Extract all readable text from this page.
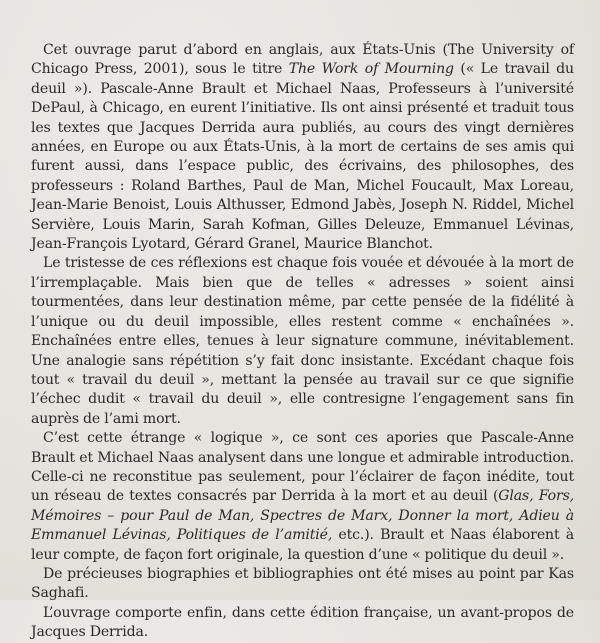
Cet ouvrage parut d’abord en anglais, aux États-Unis (The University of Chicago Press, 2001), sous le titre The Work of Mourning (« Le travail du deuil »). Pascale-Anne Brault et Michael Naas, Professeurs à l’université DePaul, à Chicago, en eurent l’initiative. Ils ont ainsi présenté et traduit tous les textes que Jacques Derrida aura publiés, au cours des vingt dernières années, en Europe ou aux États-Unis, à la mort de certains de ses amis qui furent aussi, dans l’espace public, des écrivains, des philosophes, des professeurs : Roland Barthes, Paul de Man, Michel Foucault, Max Loreau, Jean-Marie Benoist, Louis Althusser, Edmond Jabès, Joseph N. Riddel, Michel Servière, Louis Marin, Sarah Kofman, Gilles Deleuze, Emmanuel Lévinas, Jean-François Lyotard, Gérard Granel, Maurice Blanchot.

Le tristesse de ces réflexions est chaque fois vouée et dévouée à la mort de l’irremplaçable. Mais bien que de telles « adresses » soient ainsi tourmentées, dans leur destination même, par cette pensée de la fidélité à l’unique ou du deuil impossible, elles restent comme « enchaînées ». Enchaînées entre elles, tenues à leur signature commune, inévitablement. Une analogie sans répétition s’y fait donc insistante. Excédant chaque fois tout « travail du deuil », mettant la pensée au travail sur ce que signifie l’échec dudit « travail du deuil », elle contresigne l’engagement sans fin auprès de l’ami mort.

C’est cette étrange « logique », ce sont ces apories que Pascale-Anne Brault et Michael Naas analysent dans une longue et admirable introduction. Celle-ci ne reconstitue pas seulement, pour l’éclairer de façon inédite, tout un réseau de textes consacrés par Derrida à la mort et au deuil (Glas, Fors, Mémoires – pour Paul de Man, Spectres de Marx, Donner la mort, Adieu à Emmanuel Lévinas, Politiques de l’amitié, etc.). Brault et Naas élaborent à leur compte, de façon fort originale, la question d’une « politique du deuil ».

De précieuses biographies et bibliographies ont été mises au point par Kas Saghafi.

L’ouvrage comporte enfin, dans cette édition française, un avant-propos de Jacques Derrida.
